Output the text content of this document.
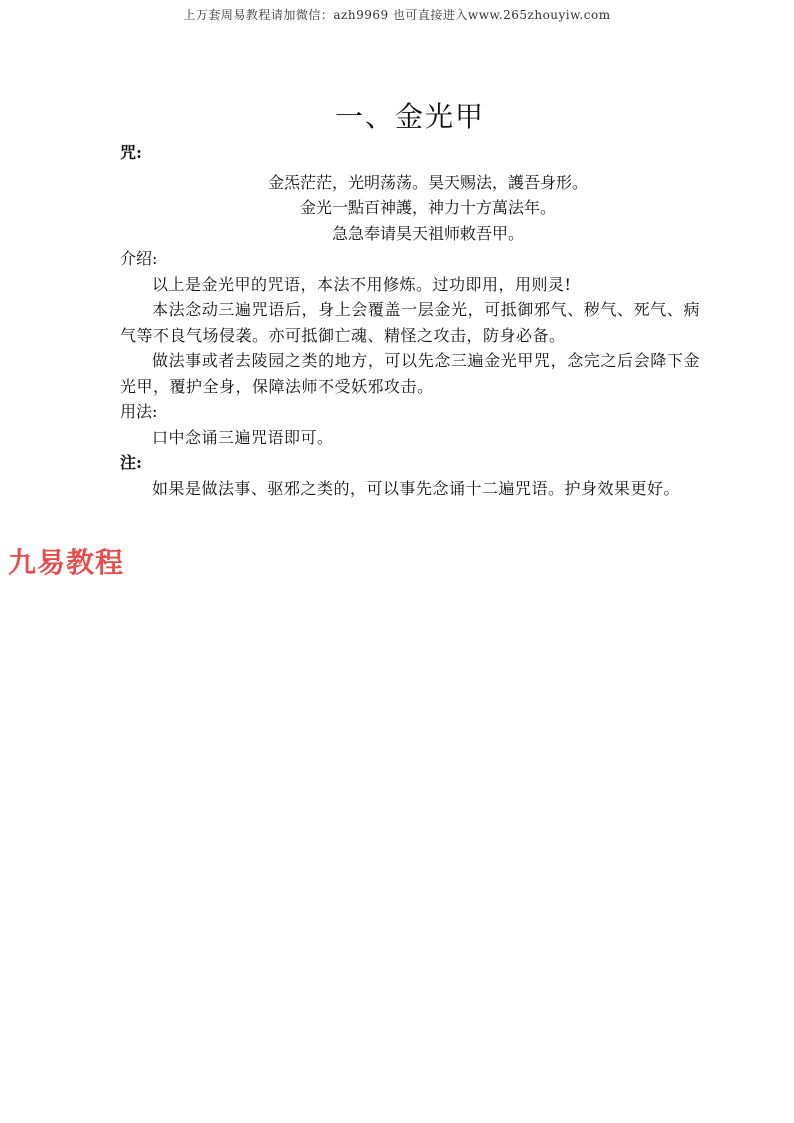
上万套周易教程请加微信：azh9969 也可直接进入www.265zhouyiw.com
一、金光甲
咒:
金炁茫茫，光明荡荡。昊天赐法，護吾身形。
金光一點百神護，神力十方萬法年。
急急奉请昊天祖师敕吾甲。
介绍:

以上是金光甲的咒语，本法不用修炼。过功即用，用则灵!

本法念动三遍咒语后，身上会覆盖一层金光，可抵御邪气、秽气、死气、病气等不良气场侵袭。亦可抵御亡魂、精怪之攻击，防身必备。

做法事或者去陵园之类的地方，可以先念三遍金光甲咒，念完之后会降下金光甲，覆护全身，保障法师不受妖邪攻击。

用法:

口中念诵三遍咒语即可。

注:

如果是做法事、驱邪之类的，可以事先念诵十二遍咒语。护身效果更好。

九易教程
